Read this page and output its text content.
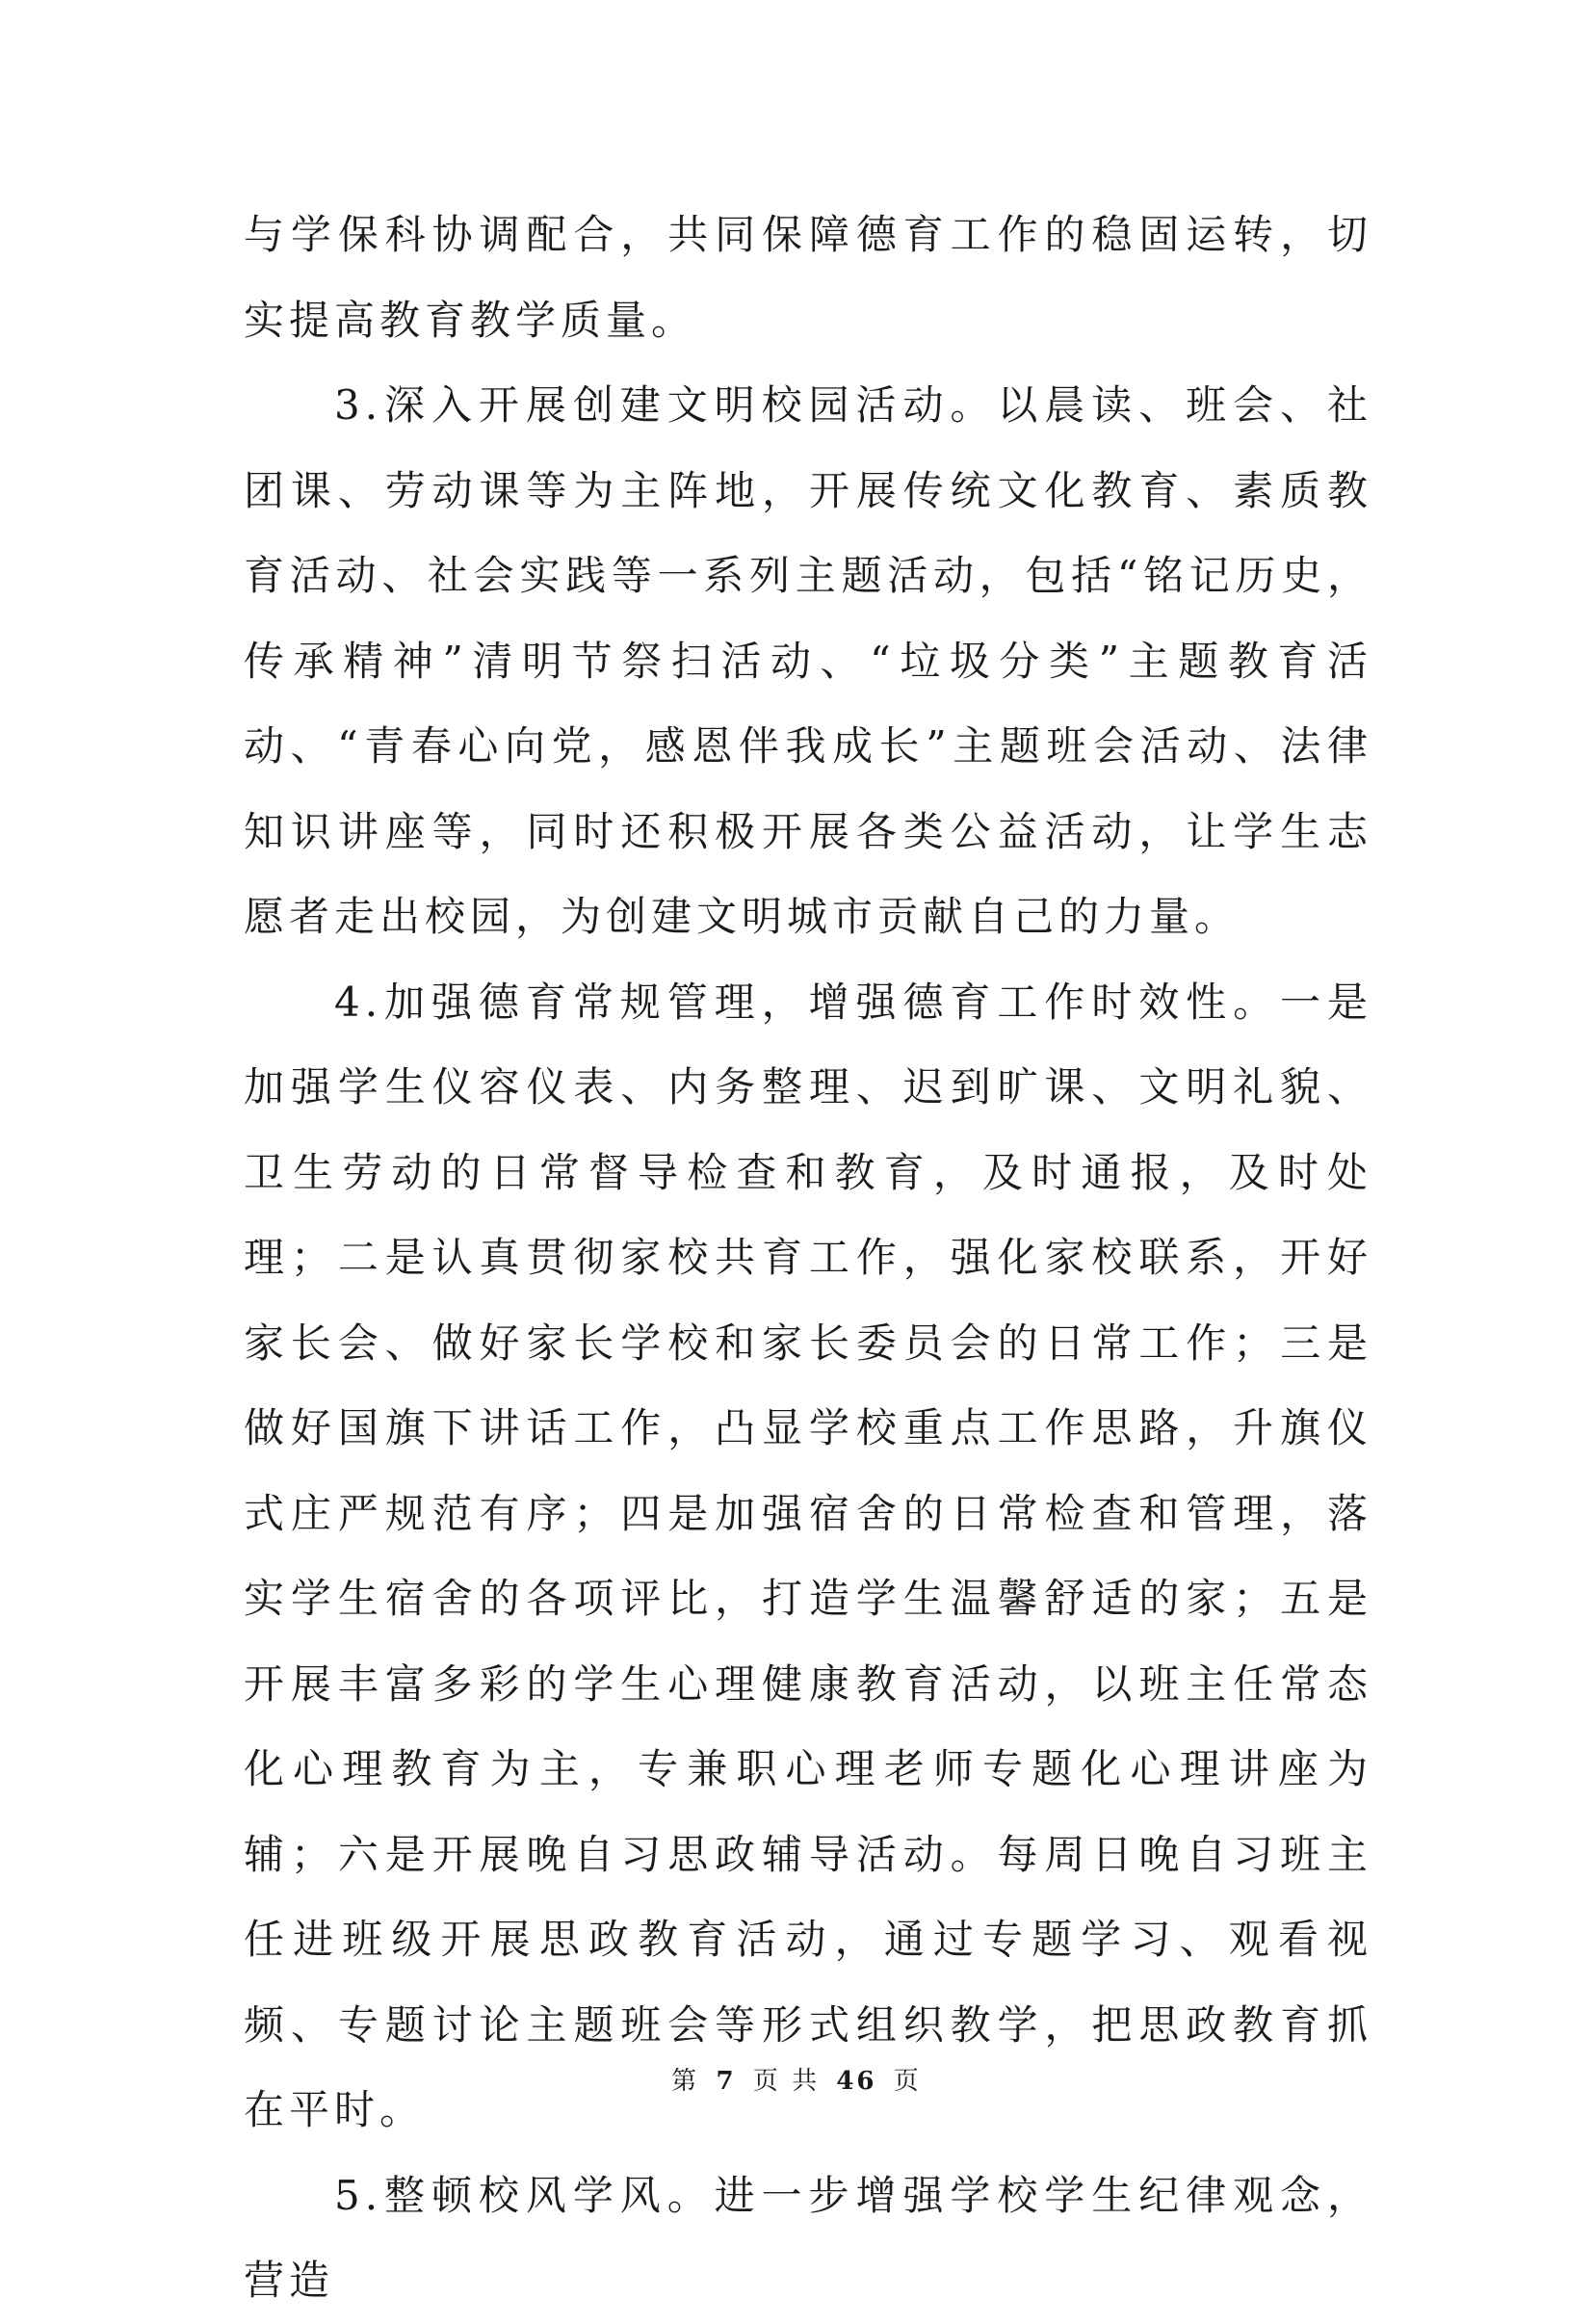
与学保科协调配合，共同保障德育工作的稳固运转，切实提高教育教学质量。

3.深入开展创建文明校园活动。以晨读、班会、社团课、劳动课等为主阵地，开展传统文化教育、素质教育活动、社会实践等一系列主题活动，包括“铭记历史，传承精神”清明节祭扫活动、“垃圾分类”主题教育活动、“青春心向党，感恩伴我成长”主题班会活动、法律知识讲座等，同时还积极开展各类公益活动，让学生志愿者走出校园，为创建文明城市贡献自己的力量。

4.加强德育常规管理，增强德育工作时效性。一是加强学生仪容仪表、内务整理、迟到旷课、文明礼貌、卫生劳动的日常督导检查和教育，及时通报，及时处理；二是认真贯彻家校共育工作，强化家校联系，开好家长会、做好家长学校和家长委员会的日常工作；三是做好国旗下讲话工作，凸显学校重点工作思路，升旗仪式庄严规范有序；四是加强宿舍的日常检查和管理，落实学生宿舍的各项评比，打造学生温馨舒适的家；五是开展丰富多彩的学生心理健康教育活动，以班主任常态化心理教育为主，专兼职心理老师专题化心理讲座为辅；六是开展晚自习思政辅导活动。每周日晚自习班主任进班级开展思政教育活动，通过专题学习、观看视频、专题讨论主题班会等形式组织教学，把思政教育抓在平时。

5.整顿校风学风。进一步增强学校学生纪律观念，营造

第 7 页 共 46 页
